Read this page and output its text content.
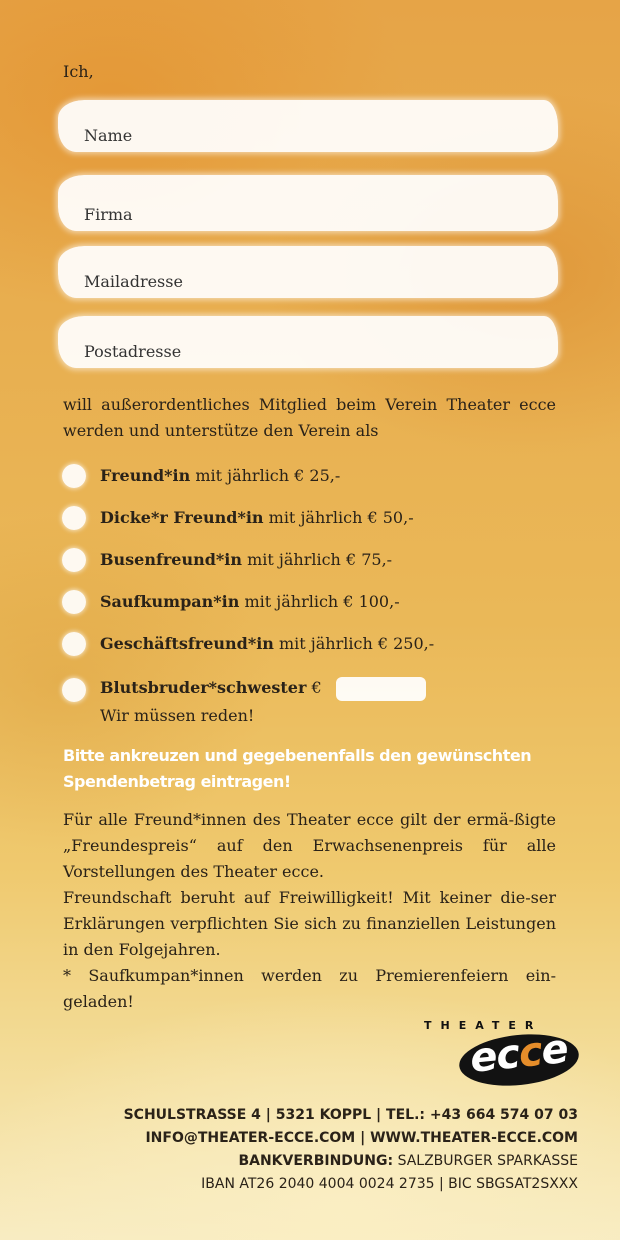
Ich,
Name
Firma
Mailadresse
Postadresse
will außerordentliches Mitglied beim Verein Theater ecce werden und unterstütze den Verein als
Freund*in mit jährlich € 25,-
Dicke*r Freund*in mit jährlich € 50,-
Busenfreund*in mit jährlich € 75,-
Saufkumpan*in mit jährlich € 100,-
Geschäftsfreund*in mit jährlich € 250,-
Blutsbruder*schwester €
Wir müssen reden!
Bitte ankreuzen und gegebenenfalls den gewünschten Spendenbetrag eintragen!
Für alle Freund*innen des Theater ecce gilt der ermä-ßigte „Freundespreis“ auf den Erwachsenenpreis für alle Vorstellungen des Theater ecce.
Freundschaft beruht auf Freiwilligkeit! Mit keiner die-ser Erklärungen verpflichten Sie sich zu finanziellen Leistungen in den Folgejahren.
* Saufkumpan*innen werden zu Premierenfeiern ein-geladen!
THEATER
ecce
SCHULSTRASSE 4 | 5321 KOPPL | TEL.: +43 664 574 07 03
INFO@THEATER-ECCE.COM | WWW.THEATER-ECCE.COM
BANKVERBINDUNG: SALZBURGER SPARKASSE
IBAN AT26 2040 4004 0024 2735 | BIC SBGSAT2SXXX
